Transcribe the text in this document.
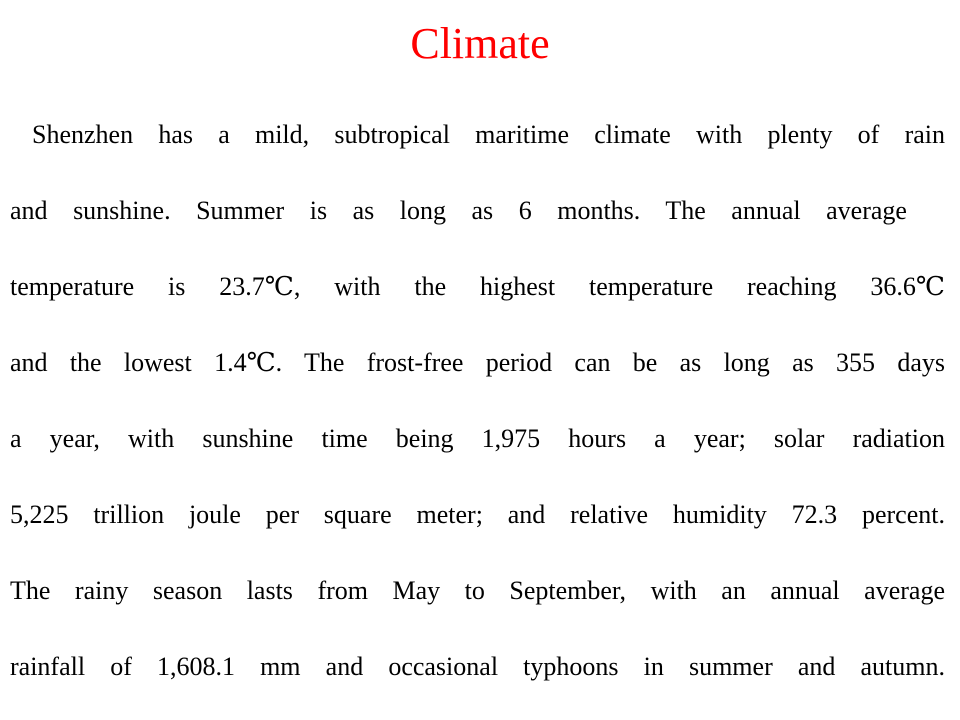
Climate
Shenzhen has a mild, subtropical maritime climate with plenty of rain
and sunshine. Summer is as long as 6 months. The annual average
temperature is 23.7℃, with the highest temperature reaching 36.6℃
and the lowest 1.4℃. The frost-free period can be as long as 355 days
a year, with sunshine time being 1,975 hours a year; solar radiation
5,225 trillion joule per square meter; and relative humidity 72.3 percent.
The rainy season lasts from May to September, with an annual average
rainfall of 1,608.1 mm and occasional typhoons in summer and autumn.
